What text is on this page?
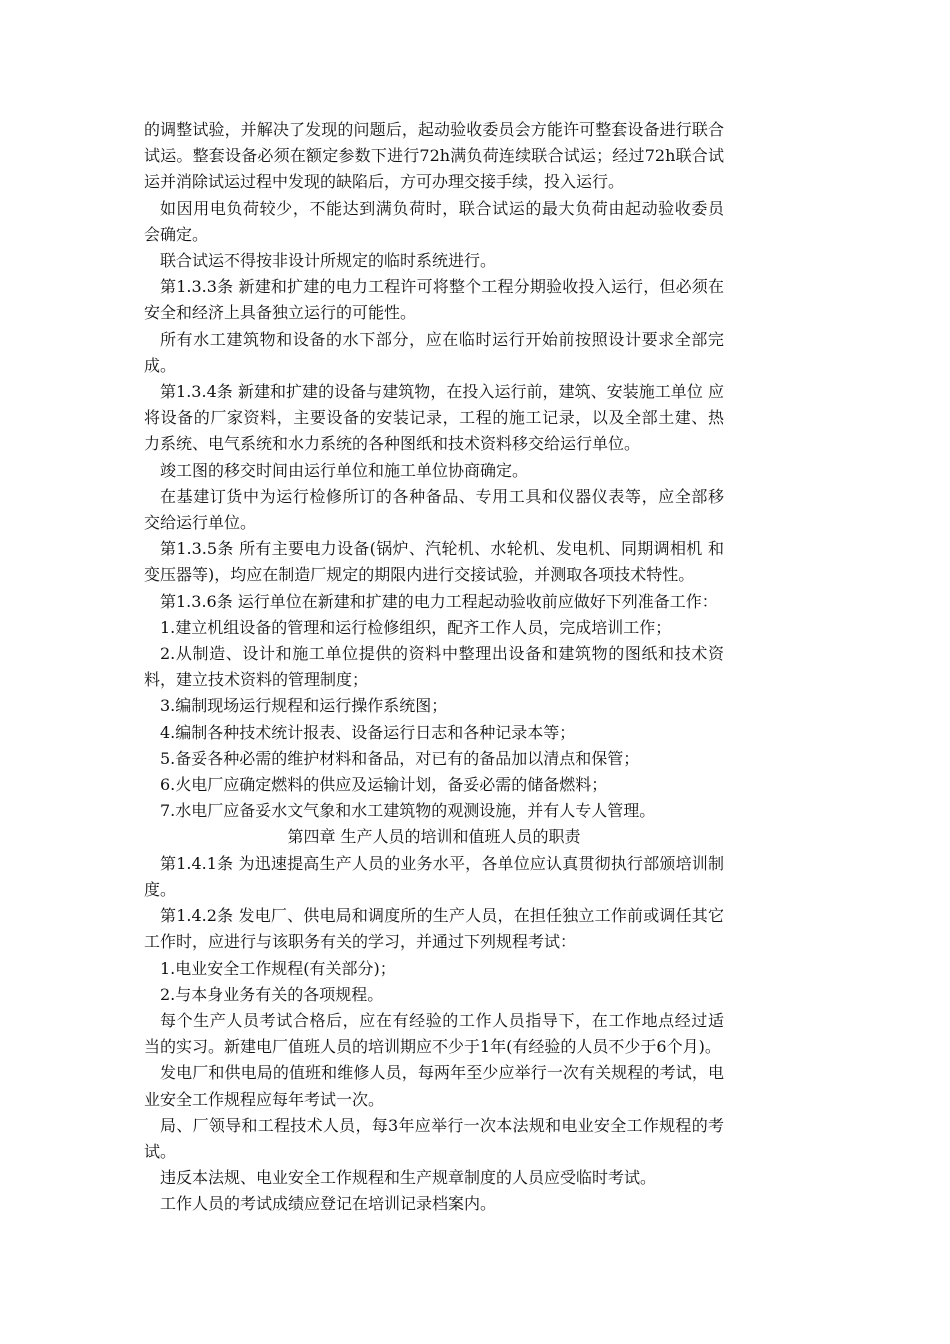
的调整试验，并解决了发现的问题后，起动验收委员会方能许可整套设备进行联合 试运。整套设备必须在额定参数下进行72h满负荷连续联合试运；经过72h联合试 运并消除试运过程中发现的缺陷后，方可办理交接手续，投入运行。

如因用电负荷较少，不能达到满负荷时，联合试运的最大负荷由起动验收委员 会确定。

联合试运不得按非设计所规定的临时系统进行。

第1.3.3条 新建和扩建的电力工程许可将整个工程分期验收投入运行，但必须在安全和经济上具备独立运行的可能性。

所有水工建筑物和设备的水下部分，应在临时运行开始前按照设计要求全部完 成。

第1.3.4条 新建和扩建的设备与建筑物，在投入运行前，建筑、安装施工单位 应将设备的厂家资料，主要设备的安装记录，工程的施工记录，以及全部土建、热 力系统、电气系统和水力系统的各种图纸和技术资料移交给运行单位。

竣工图的移交时间由运行单位和施工单位协商确定。

在基建订货中为运行检修所订的各种备品、专用工具和仪器仪表等，应全部移 交给运行单位。

第1.3.5条 所有主要电力设备(锅炉、汽轮机、水轮机、发电机、同期调相机 和变压器等)，均应在制造厂规定的期限内进行交接试验，并测取各项技术特性。

第1.3.6条 运行单位在新建和扩建的电力工程起动验收前应做好下列准备工作：

1.建立机组设备的管理和运行检修组织，配齐工作人员，完成培训工作；

2.从制造、设计和施工单位提供的资料中整理出设备和建筑物的图纸和技术资料，建立技术资料的管理制度；

3.编制现场运行规程和运行操作系统图；

4.编制各种技术统计报表、设备运行日志和各种记录本等；

5.备妥各种必需的维护材料和备品，对已有的备品加以清点和保管；

6.火电厂应确定燃料的供应及运输计划，备妥必需的储备燃料；

7.水电厂应备妥水文气象和水工建筑物的观测设施，并有人专人管理。

第四章 生产人员的培训和值班人员的职责

第1.4.1条 为迅速提高生产人员的业务水平，各单位应认真贯彻执行部颁培训制度。

第1.4.2条 发电厂、供电局和调度所的生产人员，在担任独立工作前或调任其它工作时，应进行与该职务有关的学习，并通过下列规程考试：

1.电业安全工作规程(有关部分)；

2.与本身业务有关的各项规程。

每个生产人员考试合格后，应在有经验的工作人员指导下，在工作地点经过适 当的实习。新建电厂值班人员的培训期应不少于1年(有经验的人员不少于6个月)。

发电厂和供电局的值班和维修人员，每两年至少应举行一次有关规程的考试，电业安全工作规程应每年考试一次。

局、厂领导和工程技术人员，每3年应举行一次本法规和电业安全工作规程的考试。

违反本法规、电业安全工作规程和生产规章制度的人员应受临时考试。

工作人员的考试成绩应登记在培训记录档案内。
